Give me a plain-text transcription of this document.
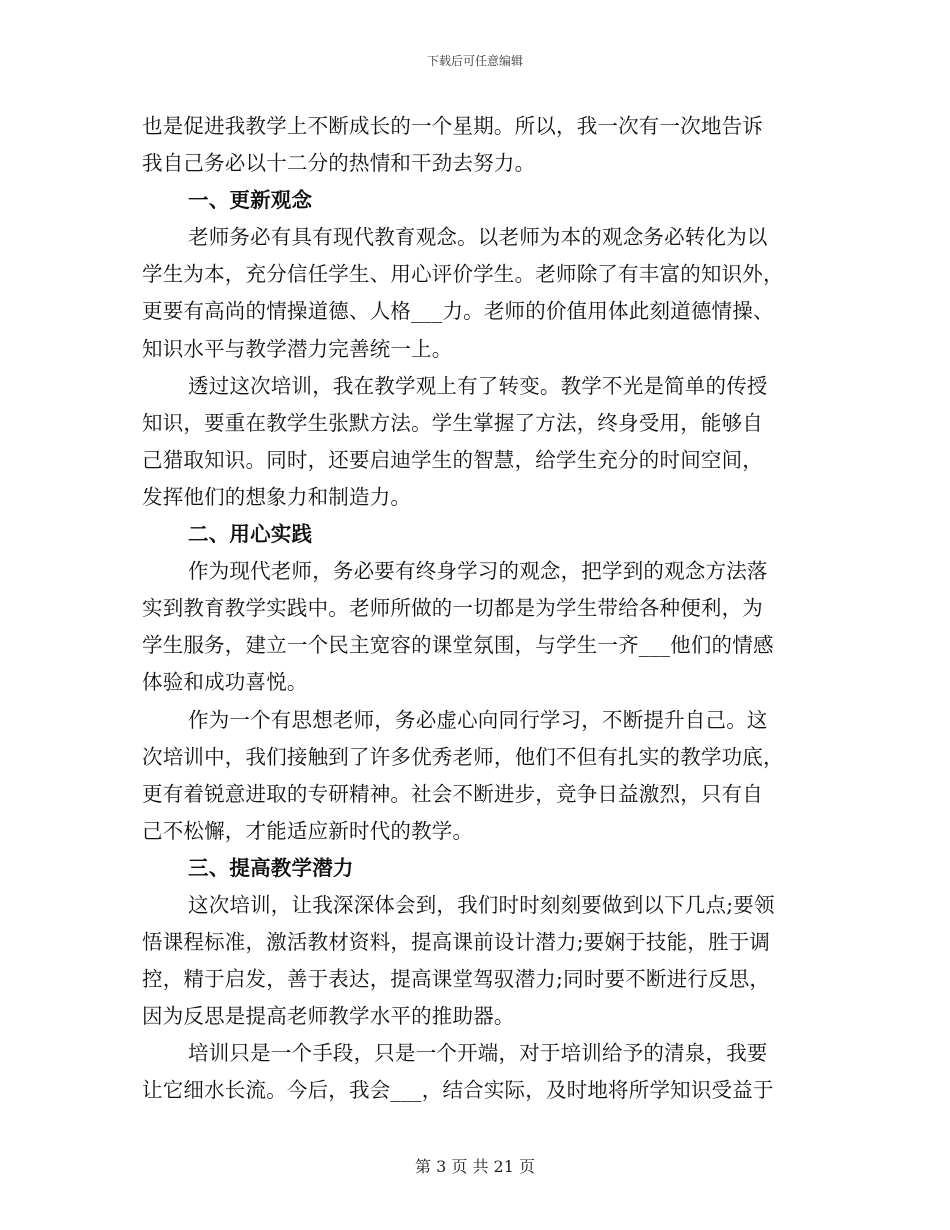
下载后可任意编辑
也是促进我教学上不断成长的一个星期。所以，我一次有一次地告诉
我自己务必以十二分的热情和干劲去努力。
一、更新观念
老师务必有具有现代教育观念。以老师为本的观念务必转化为以
学生为本，充分信任学生、用心评价学生。老师除了有丰富的知识外，
更要有高尚的情操道德、人格___力。老师的价值用体此刻道德情操、
知识水平与教学潜力完善统一上。
透过这次培训，我在教学观上有了转变。教学不光是简单的传授
知识，要重在教学生张默方法。学生掌握了方法，终身受用，能够自
己猎取知识。同时，还要启迪学生的智慧，给学生充分的时间空间，
发挥他们的想象力和制造力。
二、用心实践
作为现代老师，务必要有终身学习的观念，把学到的观念方法落
实到教育教学实践中。老师所做的一切都是为学生带给各种便利，为
学生服务，建立一个民主宽容的课堂氛围，与学生一齐___他们的情感
体验和成功喜悦。
作为一个有思想老师，务必虚心向同行学习，不断提升自己。这
次培训中，我们接触到了许多优秀老师，他们不但有扎实的教学功底，
更有着锐意进取的专研精神。社会不断进步，竞争日益激烈，只有自
己不松懈，才能适应新时代的教学。
三、提高教学潜力
这次培训，让我深深体会到，我们时时刻刻要做到以下几点;要领
悟课程标准，激活教材资料，提高课前设计潜力;要娴于技能，胜于调
控，精于启发，善于表达，提高课堂驾驭潜力;同时要不断进行反思，
因为反思是提高老师教学水平的推助器。
培训只是一个手段，只是一个开端，对于培训给予的清泉，我要
让它细水长流。今后，我会___，结合实际，及时地将所学知识受益于
第 3 页 共 21 页
